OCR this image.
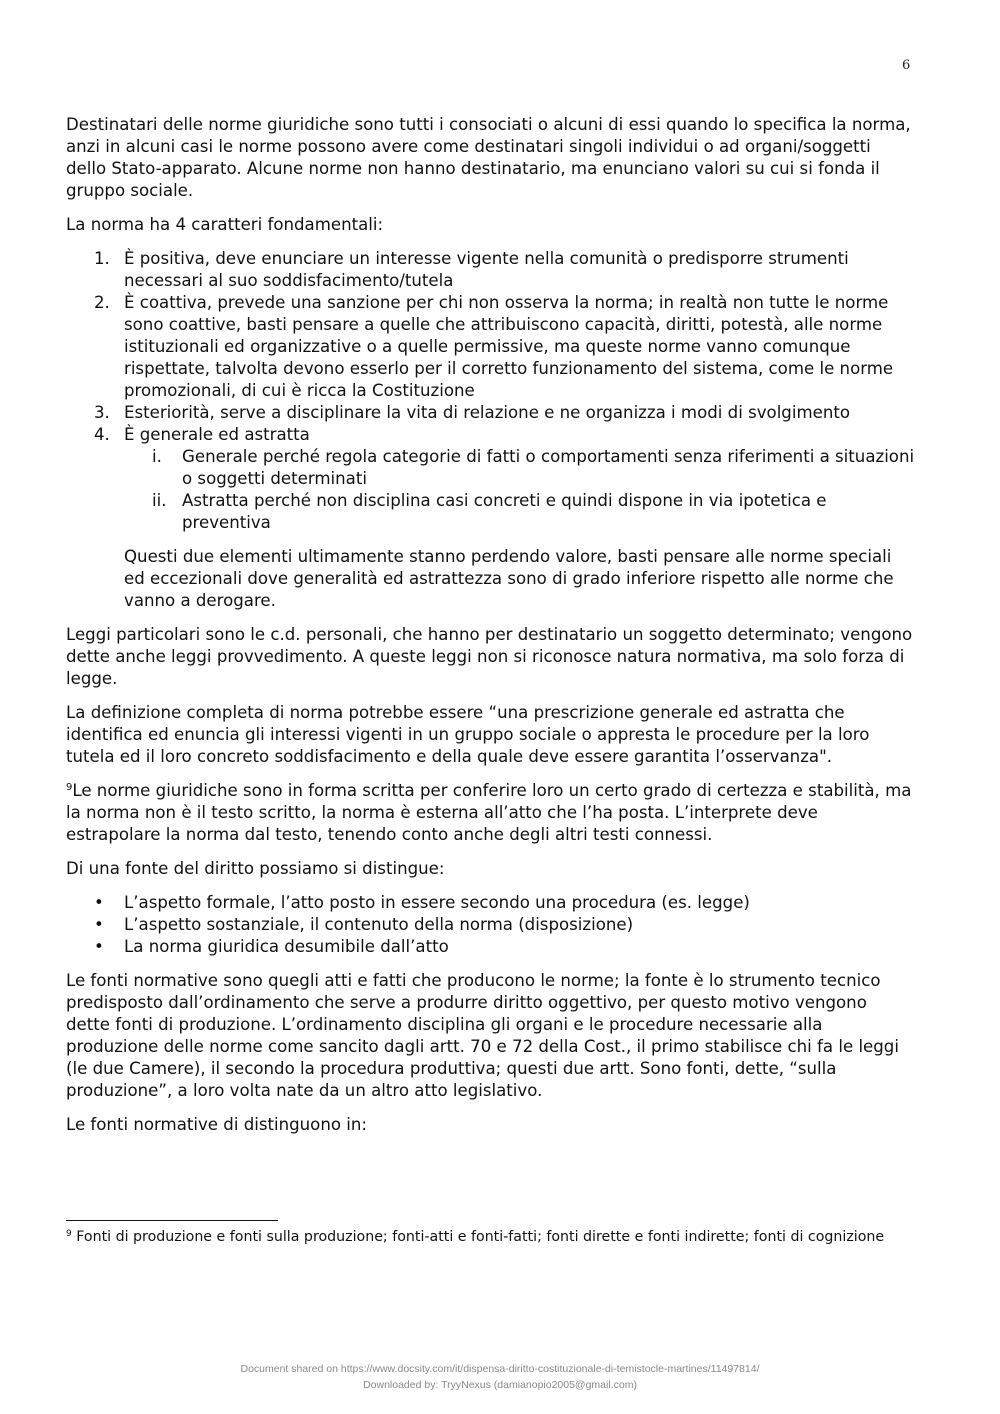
6

Destinatari delle norme giuridiche sono tutti i consociati o alcuni di essi quando lo specifica la norma, anzi in alcuni casi le norme possono avere come destinatari singoli individui o ad organi/soggetti dello Stato-apparato. Alcune norme non hanno destinatario, ma enunciano valori su cui si fonda il gruppo sociale.

La norma ha 4 caratteri fondamentali:

1. È positiva, deve enunciare un interesse vigente nella comunità o predisporre strumenti necessari al suo soddisfacimento/tutela
2. È coattiva, prevede una sanzione per chi non osserva la norma; in realtà non tutte le norme sono coattive, basti pensare a quelle che attribuiscono capacità, diritti, potestà, alle norme istituzionali ed organizzative o a quelle permissive, ma queste norme vanno comunque rispettate, talvolta devono esserlo per il corretto funzionamento del sistema, come le norme promozionali, di cui è ricca la Costituzione
3. Esteriorità, serve a disciplinare la vita di relazione e ne organizza i modi di svolgimento
4. È generale ed astratta
i. Generale perché regola categorie di fatti o comportamenti senza riferimenti a situazioni o soggetti determinati
ii. Astratta perché non disciplina casi concreti e quindi dispone in via ipotetica e preventiva

Questi due elementi ultimamente stanno perdendo valore, basti pensare alle norme speciali ed eccezionali dove generalità ed astrattezza sono di grado inferiore rispetto alle norme che vanno a derogare.

Leggi particolari sono le c.d. personali, che hanno per destinatario un soggetto determinato; vengono dette anche leggi provvedimento. A queste leggi non si riconosce natura normativa, ma solo forza di legge.

La definizione completa di norma potrebbe essere “una prescrizione generale ed astratta che identifica ed enuncia gli interessi vigenti in un gruppo sociale o appresta le procedure per la loro tutela ed il loro concreto soddisfacimento e della quale deve essere garantita l’osservanza".

$^9$Le norme giuridiche sono in forma scritta per conferire loro un certo grado di certezza e stabilità, ma la norma non è il testo scritto, la norma è esterna all’atto che l’ha posta. L’interprete deve estrapolare la norma dal testo, tenendo conto anche degli altri testi connessi.

Di una fonte del diritto possiamo si distingue:

• L’aspetto formale, l’atto posto in essere secondo una procedura (es. legge)
• L’aspetto sostanziale, il contenuto della norma (disposizione)
• La norma giuridica desumibile dall’atto

Le fonti normative sono quegli atti e fatti che producono le norme; la fonte è lo strumento tecnico predisposto dall’ordinamento che serve a produrre diritto oggettivo, per questo motivo vengono dette fonti di produzione. L’ordinamento disciplina gli organi e le procedure necessarie alla produzione delle norme come sancito dagli artt. 70 e 72 della Cost., il primo stabilisce chi fa le leggi (le due Camere), il secondo la procedura produttiva; questi due artt. Sono fonti, dette, “sulla produzione”, a loro volta nate da un altro atto legislativo.

Le fonti normative di distinguono in:

$^9$ Fonti di produzione e fonti sulla produzione; fonti-atti e fonti-fatti; fonti dirette e fonti indirette; fonti di cognizione
Document shared on https://www.docsity.com/it/dispensa-diritto-costituzionale-di-temistocle-martines/11497814/
Downloaded by: TryyNexus (damianopio2005@gmail.com)
